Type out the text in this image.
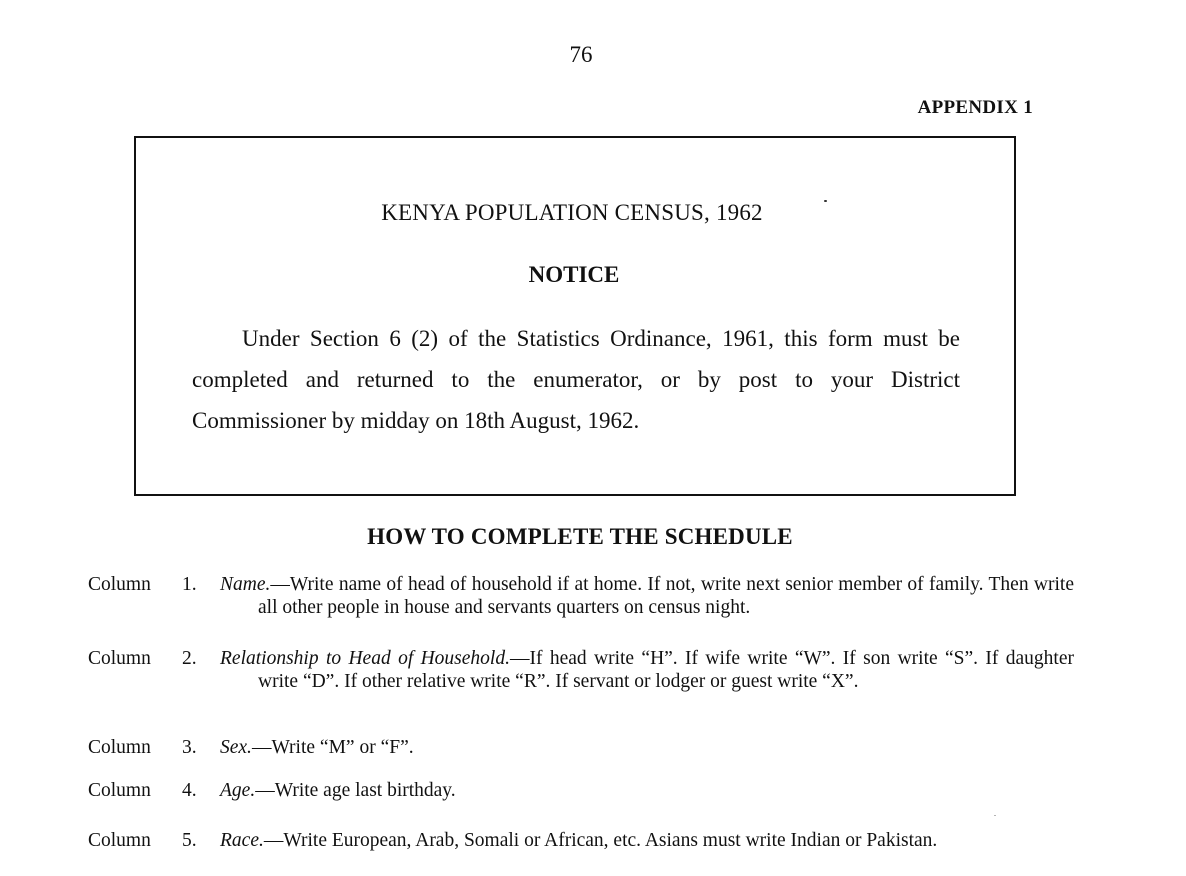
76
APPENDIX 1
KENYA POPULATION CENSUS, 1962
NOTICE
Under Section 6 (2) of the Statistics Ordinance, 1961, this form must be completed and returned to the enumerator, or by post to your District Commissioner by midday on 18th August, 1962.
HOW TO COMPLETE THE SCHEDULE
Column 1. Name.—Write name of head of household if at home. If not, write next senior member of family. Then write all other people in house and servants quarters on census night.
Column 2. Relationship to Head of Household.—If head write “H”. If wife write “W”. If son write “S”. If daughter write “D”. If other relative write “R”. If servant or lodger or guest write “X”.
Column 3. Sex.—Write “M” or “F”.
Column 4. Age.—Write age last birthday.
Column 5. Race.—Write European, Arab, Somali or African, etc. Asians must write Indian or Pakistan.
